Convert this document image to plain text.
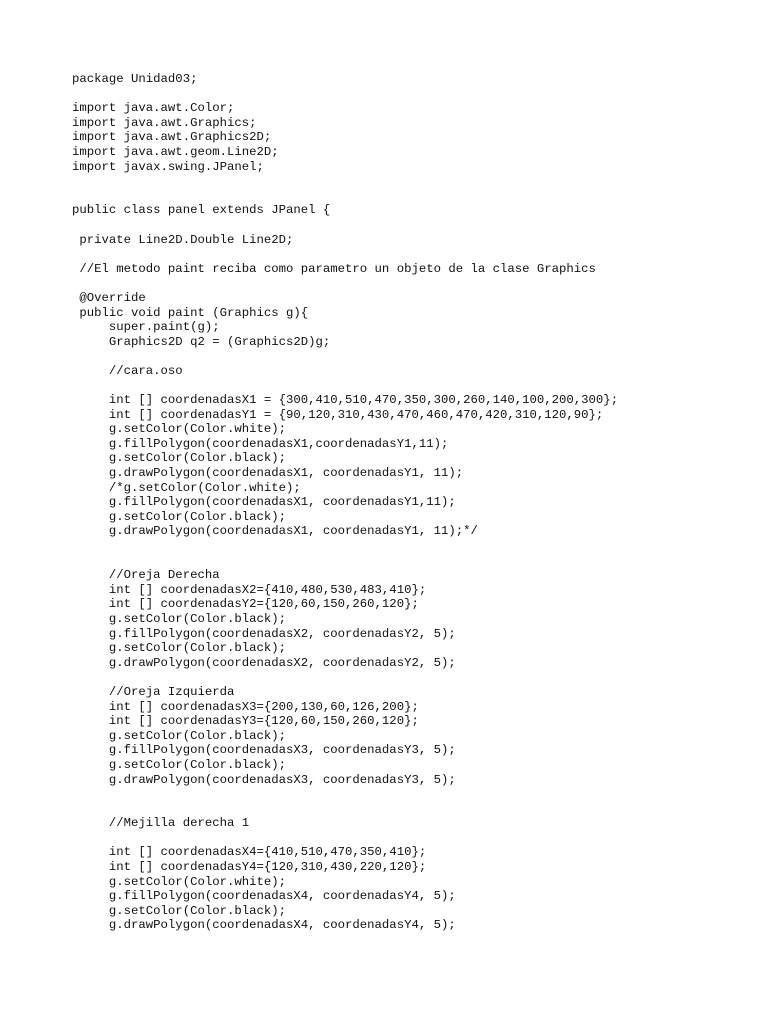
package Unidad03;
import java.awt.Color;
import java.awt.Graphics;
import java.awt.Graphics2D;
import java.awt.geom.Line2D;
import javax.swing.JPanel;
public class panel extends JPanel {
private Line2D.Double Line2D;
//El metodo paint reciba como parametro un objeto de la clase Graphics
@Override
public void paint (Graphics g){
super.paint(g);
Graphics2D q2 = (Graphics2D)g;
//cara.oso
int [] coordenadasX1 = {300,410,510,470,350,300,260,140,100,200,300};
int [] coordenadasY1 = {90,120,310,430,470,460,470,420,310,120,90};
g.setColor(Color.white);
g.fillPolygon(coordenadasX1,coordenadasY1,11);
g.setColor(Color.black);
g.drawPolygon(coordenadasX1, coordenadasY1, 11);
/*g.setColor(Color.white);
g.fillPolygon(coordenadasX1, coordenadasY1,11);
g.setColor(Color.black);
g.drawPolygon(coordenadasX1, coordenadasY1, 11);*/
//Oreja Derecha
int [] coordenadasX2={410,480,530,483,410};
int [] coordenadasY2={120,60,150,260,120};
g.setColor(Color.black);
g.fillPolygon(coordenadasX2, coordenadasY2, 5);
g.setColor(Color.black);
g.drawPolygon(coordenadasX2, coordenadasY2, 5);
//Oreja Izquierda
int [] coordenadasX3={200,130,60,126,200};
int [] coordenadasY3={120,60,150,260,120};
g.setColor(Color.black);
g.fillPolygon(coordenadasX3, coordenadasY3, 5);
g.setColor(Color.black);
g.drawPolygon(coordenadasX3, coordenadasY3, 5);
//Mejilla derecha 1
int [] coordenadasX4={410,510,470,350,410};
int [] coordenadasY4={120,310,430,220,120};
g.setColor(Color.white);
g.fillPolygon(coordenadasX4, coordenadasY4, 5);
g.setColor(Color.black);
g.drawPolygon(coordenadasX4, coordenadasY4, 5);
